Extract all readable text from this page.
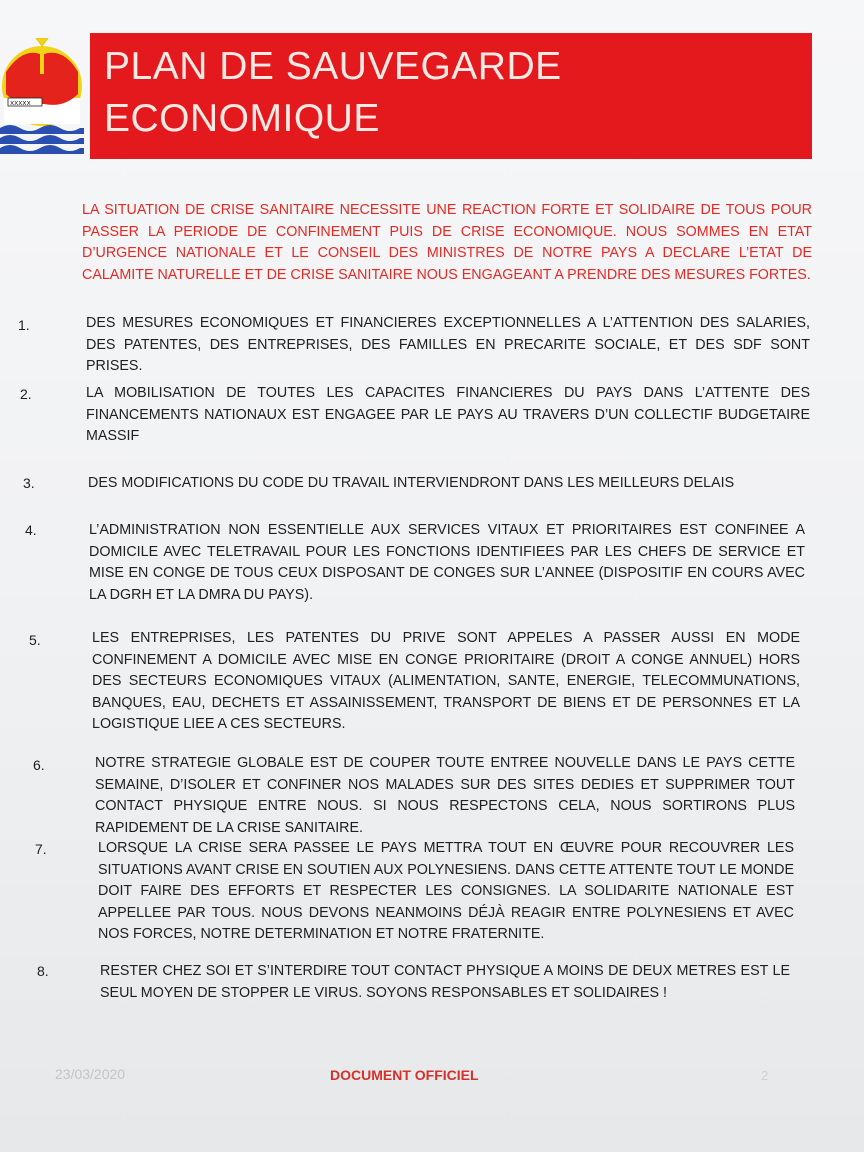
xxxxx
PLAN DE SAUVEGARDE
ECONOMIQUE

LA SITUATION DE CRISE SANITAIRE NECESSITE UNE REACTION FORTE ET SOLIDAIRE DE TOUS POUR PASSER LA PERIODE DE CONFINEMENT PUIS DE CRISE ECONOMIQUE. NOUS SOMMES EN ETAT D’URGENCE NATIONALE ET LE CONSEIL DES MINISTRES DE NOTRE PAYS A DECLARE L’ETAT DE CALAMITE NATURELLE ET DE CRISE SANITAIRE NOUS ENGAGEANT A PRENDRE DES MESURES FORTES.

1.	DES MESURES ECONOMIQUES ET FINANCIERES EXCEPTIONNELLES A L’ATTENTION DES SALARIES, DES PATENTES, DES ENTREPRISES, DES FAMILLES EN PRECARITE SOCIALE, ET DES SDF SONT PRISES.

2.	LA MOBILISATION DE TOUTES LES CAPACITES FINANCIERES DU PAYS DANS L’ATTENTE DES FINANCEMENTS NATIONAUX EST ENGAGEE PAR LE PAYS AU TRAVERS D’UN COLLECTIF BUDGETAIRE MASSIF

3.	DES MODIFICATIONS DU CODE DU TRAVAIL INTERVIENDRONT DANS LES MEILLEURS DELAIS

4.	L’ADMINISTRATION NON ESSENTIELLE AUX SERVICES VITAUX ET PRIORITAIRES EST CONFINEE A DOMICILE AVEC TELETRAVAIL POUR LES FONCTIONS IDENTIFIEES PAR LES CHEFS DE SERVICE ET MISE EN CONGE DE TOUS CEUX DISPOSANT DE CONGES SUR L’ANNEE (DISPOSITIF EN COURS AVEC LA DGRH ET LA DMRA DU PAYS).

5.	LES ENTREPRISES, LES PATENTES DU PRIVE SONT APPELES A PASSER AUSSI EN MODE CONFINEMENT A DOMICILE AVEC MISE EN CONGE PRIORITAIRE (DROIT A CONGE ANNUEL) HORS DES SECTEURS ECONOMIQUES VITAUX (ALIMENTATION, SANTE, ENERGIE, TELECOMMUNATIONS, BANQUES, EAU, DECHETS ET ASSAINISSEMENT, TRANSPORT DE BIENS ET DE PERSONNES ET LA LOGISTIQUE LIEE A CES SECTEURS.

6.	NOTRE STRATEGIE GLOBALE EST DE COUPER TOUTE ENTREE NOUVELLE DANS LE PAYS CETTE SEMAINE, D’ISOLER ET CONFINER NOS MALADES SUR DES SITES DEDIES ET SUPPRIMER TOUT CONTACT PHYSIQUE ENTRE NOUS. SI NOUS RESPECTONS CELA, NOUS SORTIRONS PLUS RAPIDEMENT DE LA CRISE SANITAIRE.

7.	LORSQUE LA CRISE SERA PASSEE LE PAYS METTRA TOUT EN ŒUVRE POUR RECOUVRER LES SITUATIONS AVANT CRISE EN SOUTIEN AUX POLYNESIENS. DANS CETTE ATTENTE TOUT LE MONDE DOIT FAIRE DES EFFORTS ET RESPECTER LES CONSIGNES. LA SOLIDARITE NATIONALE EST APPELLEE PAR TOUS. NOUS DEVONS NEANMOINS DÉJÀ REAGIR ENTRE POLYNESIENS ET AVEC NOS FORCES, NOTRE DETERMINATION ET NOTRE FRATERNITE.

8.	RESTER CHEZ SOI ET S’INTERDIRE TOUT CONTACT PHYSIQUE A MOINS DE DEUX METRES EST LE SEUL MOYEN DE STOPPER LE VIRUS. SOYONS RESPONSABLES ET SOLIDAIRES !

23/03/2020	DOCUMENT OFFICIEL	2
